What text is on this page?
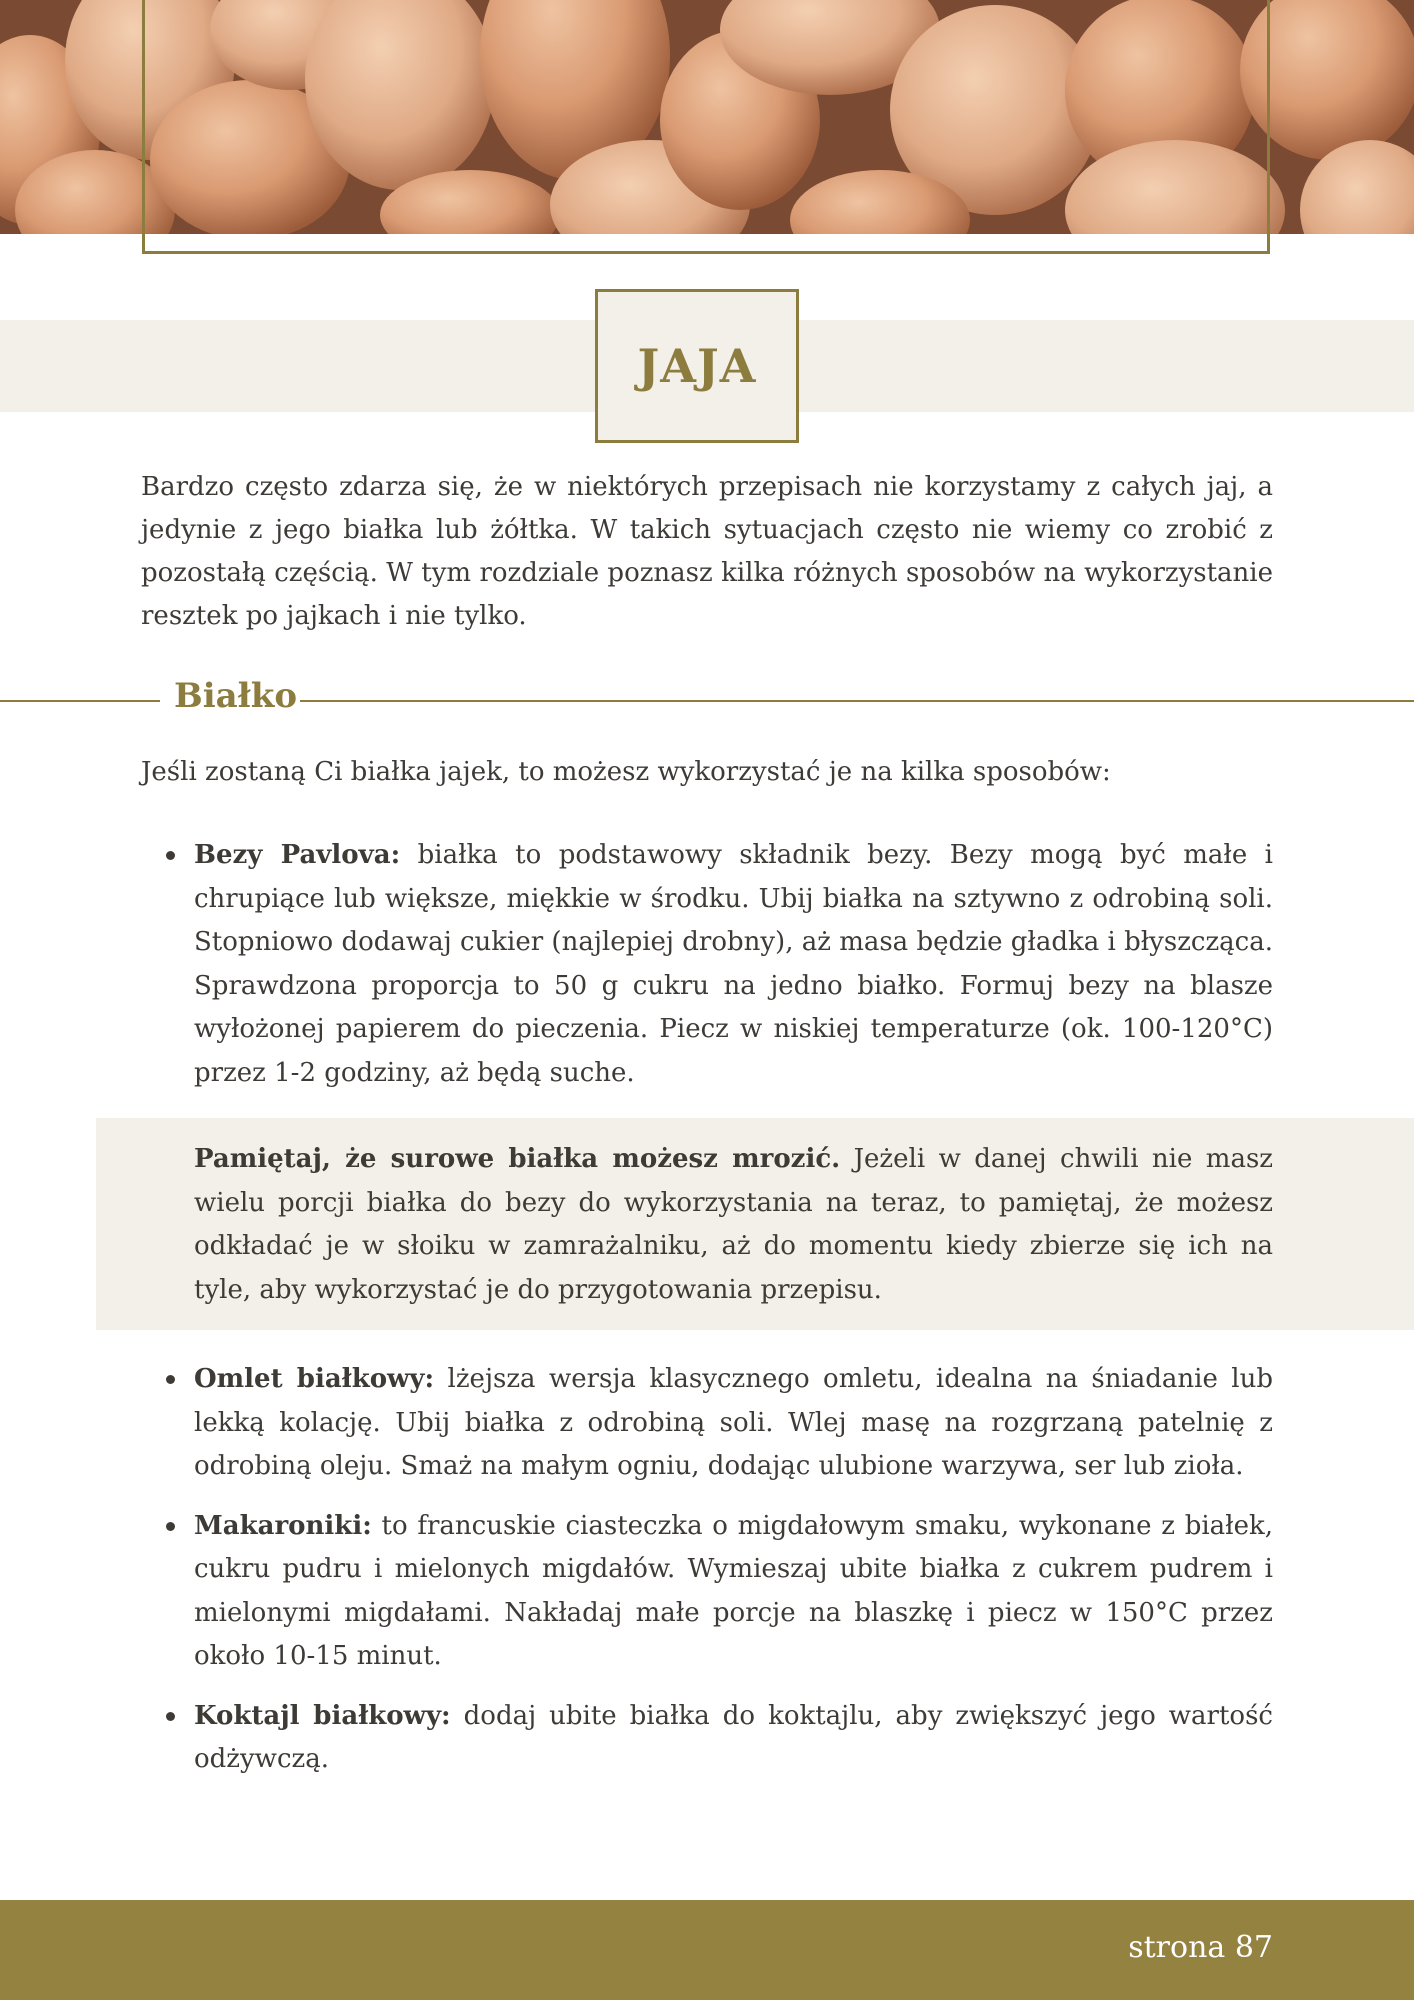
JAJA

Bardzo często zdarza się, że w niektórych przepisach nie korzystamy z całych jaj, a jedynie z jego białka lub żółtka. W takich sytuacjach często nie wiemy co zrobić z pozostałą częścią. W tym rozdziale poznasz kilka różnych sposobów na wykorzystanie resztek po jajkach i nie tylko.

Białko

Jeśli zostaną Ci białka jajek, to możesz wykorzystać je na kilka sposobów:

Bezy Pavlova: białka to podstawowy składnik bezy. Bezy mogą być małe i chrupiące lub większe, miękkie w środku. Ubij białka na sztywno z odrobiną soli. Stopniowo dodawaj cukier (najlepiej drobny), aż masa będzie gładka i błyszcząca. Sprawdzona proporcja to 50 g cukru na jedno białko. Formuj bezy na blasze wyłożonej papierem do pieczenia. Piecz w niskiej temperaturze (ok. 100-120°C) przez 1-2 godziny, aż będą suche.

Pamiętaj, że surowe białka możesz mrozić. Jeżeli w danej chwili nie masz wielu porcji białka do bezy do wykorzystania na teraz, to pamiętaj, że możesz odkładać je w słoiku w zamrażalniku, aż do momentu kiedy zbierze się ich na tyle, aby wykorzystać je do przygotowania przepisu.

Omlet białkowy: lżejsza wersja klasycznego omletu, idealna na śniadanie lub lekką kolację. Ubij białka z odrobiną soli. Wlej masę na rozgrzaną patelnię z odrobiną oleju. Smaż na małym ogniu, dodając ulubione warzywa, ser lub zioła.
Makaroniki: to francuskie ciasteczka o migdałowym smaku, wykonane z białek, cukru pudru i mielonych migdałów. Wymieszaj ubite białka z cukrem pudrem i mielonymi migdałami. Nakładaj małe porcje na blaszkę i piecz w 150°C przez około 10-15 minut.
Koktajl białkowy: dodaj ubite białka do koktajlu, aby zwiększyć jego wartość odżywczą.
strona 87
